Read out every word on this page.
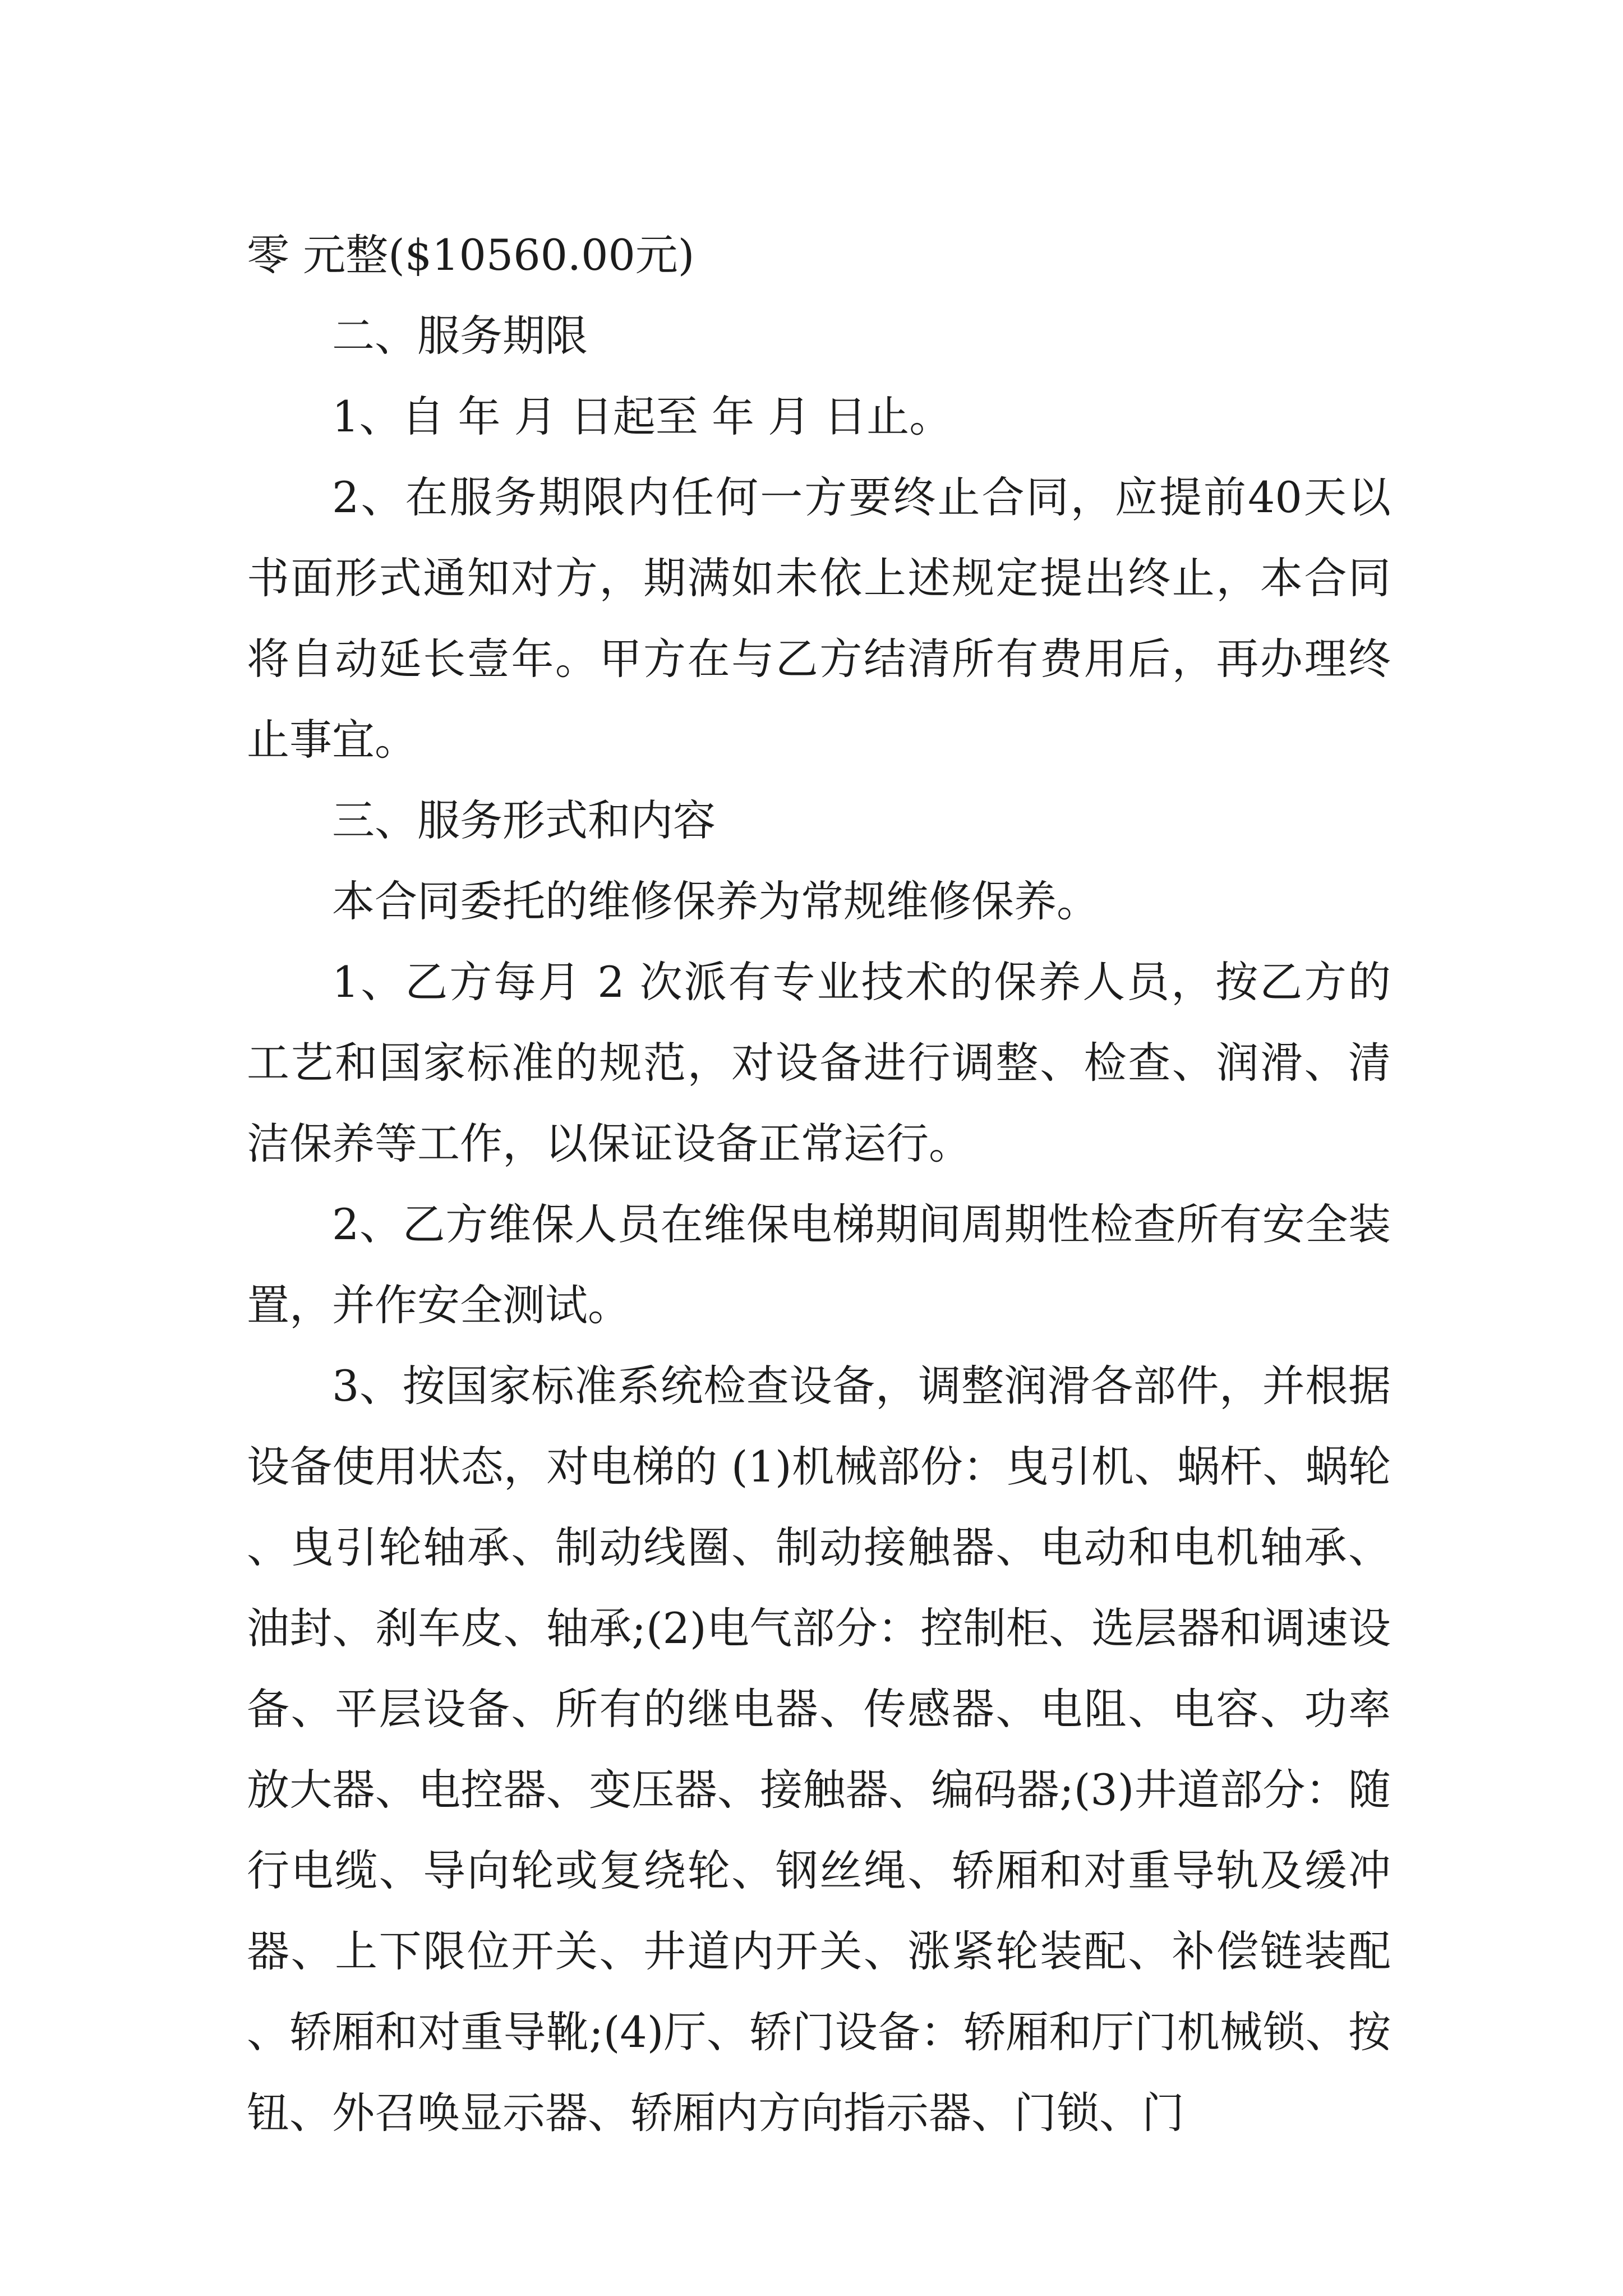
零 元整($10560.00元)

二、服务期限

1、自 年 月 日起至 年 月 日止。

2、在服务期限内任何一方要终止合同，应提前40天以书面形式通知对方，期满如未依上述规定提出终止，本合同将自动延长壹年。甲方在与乙方结清所有费用后，再办理终止事宜。

三、服务形式和内容

本合同委托的维修保养为常规维修保养。

1、乙方每月 2 次派有专业技术的保养人员，按乙方的工艺和国家标准的规范，对设备进行调整、检查、润滑、清洁保养等工作，以保证设备正常运行。

2、乙方维保人员在维保电梯期间周期性检查所有安全装置，并作安全测试。

3、按国家标准系统检查设备，调整润滑各部件，并根据设备使用状态，对电梯的 (1)机械部份：曳引机、蜗杆、蜗轮、曳引轮轴承、制动线圈、制动接触器、电动和电机轴承、油封、刹车皮、轴承;(2)电气部分：控制柜、选层器和调速设备、平层设备、所有的继电器、传感器、电阻、电容、功率放大器、电控器、变压器、接触器、编码器;(3)井道部分：随行电缆、导向轮或复绕轮、钢丝绳、轿厢和对重导轨及缓冲器、上下限位开关、井道内开关、涨紧轮装配、补偿链装配、轿厢和对重导靴;(4)厅、轿门设备：轿厢和厅门机械锁、按钮、外召唤显示器、轿厢内方向指示器、门锁、门
